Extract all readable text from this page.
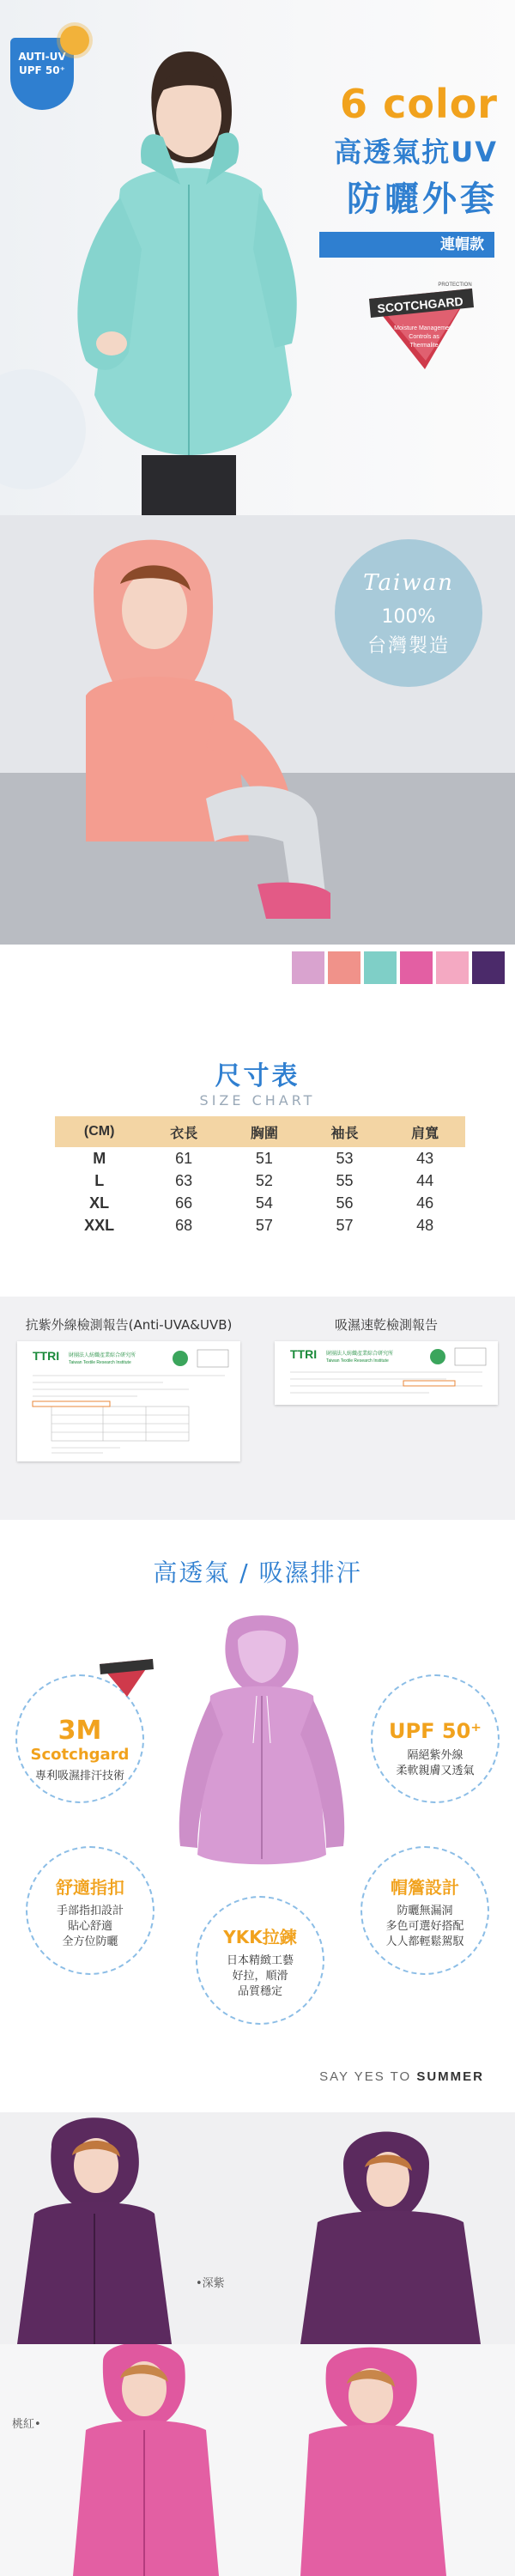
AUTI-UV
UPF 50⁺
6 color
高透氣抗UV
防曬外套
連帽款
SCOTCHGARD
PROTECTION
Moisture Management
Controls as
Thermalite
Taiwan
100%
台灣製造
尺寸表
SIZE CHART
(CM)	衣長	胸圍	袖長	肩寬
M	61	51	53	43
L	63	52	55	44
XL	66	54	56	46
XXL	68	57	57	48
抗紫外線檢測報告(Anti-UVA&UVB)	吸濕速乾檢測報告
TTRI 財團法人紡織產業綜合研究所
Taiwan Textile Research Institute
TTRI 財團法人紡織產業綜合研究所
Taiwan Textile Research Institute
高透氣 / 吸濕排汗
3M
Scotchgard
專利吸濕排汗技術
UPF 50⁺
隔絕紫外線
柔軟親膚又透氣
舒適指扣
手部指扣設計
貼心舒適
全方位防曬
帽簷設計
防曬無漏洞
多色可選好搭配
人人都輕鬆駕馭
YKK拉鍊
日本精緻工藝
好拉，順滑
品質穩定
SAY YES TO SUMMER
•深紫
桃紅•
